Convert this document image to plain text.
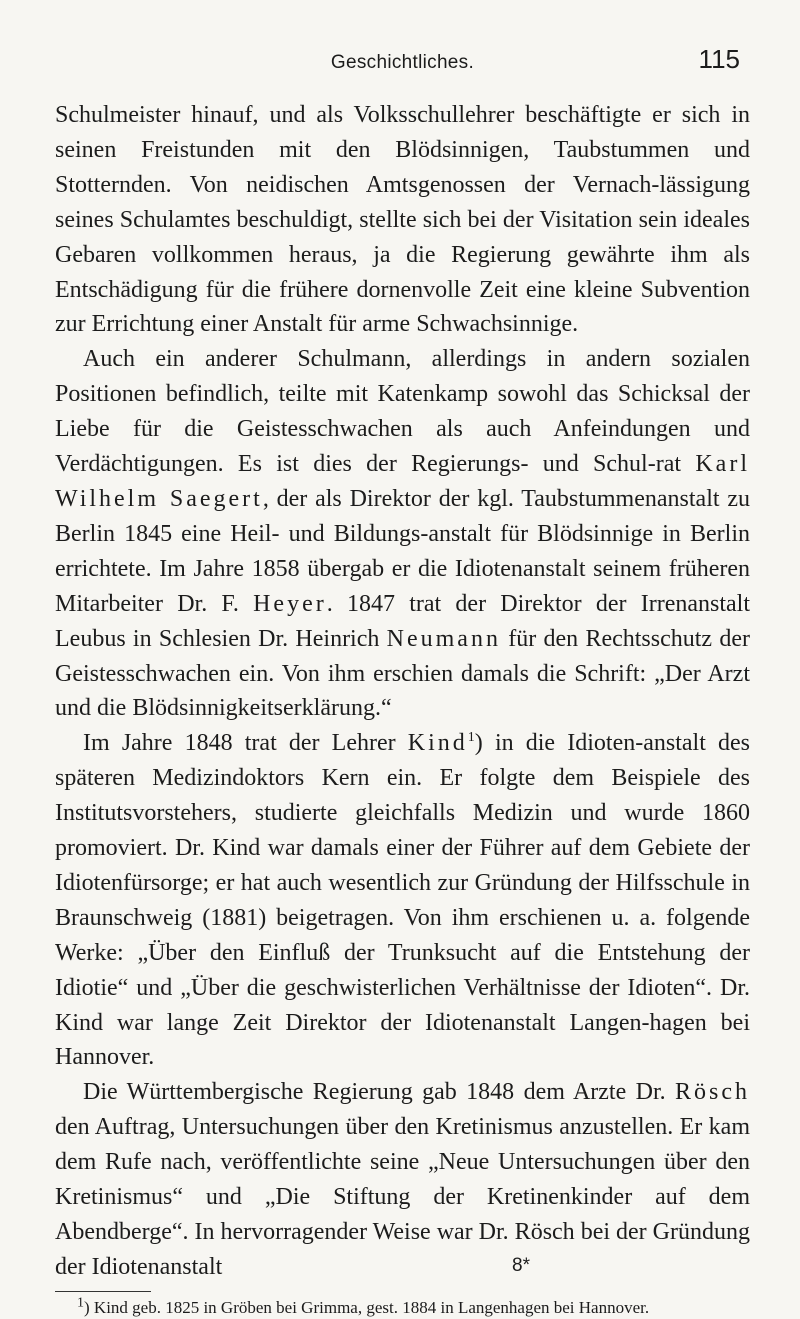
Geschichtliches.	115

Schulmeister hinauf, und als Volksschullehrer beschäftigte er sich in seinen Freistunden mit den Blödsinnigen, Taubstummen und Stotternden. Von neidischen Amtsgenossen der Vernach-lässigung seines Schulamtes beschuldigt, stellte sich bei der Visitation sein ideales Gebaren vollkommen heraus, ja die Regierung gewährte ihm als Entschädigung für die frühere dornenvolle Zeit eine kleine Subvention zur Errichtung einer Anstalt für arme Schwachsinnige.

Auch ein anderer Schulmann, allerdings in andern sozialen Positionen befindlich, teilte mit Katenkamp sowohl das Schicksal der Liebe für die Geistesschwachen als auch Anfeindungen und Verdächtigungen. Es ist dies der Regierungs- und Schul-rat Karl Wilhelm Saegert, der als Direktor der kgl. Taubstummenanstalt zu Berlin 1845 eine Heil- und Bildungs-anstalt für Blödsinnige in Berlin errichtete. Im Jahre 1858 übergab er die Idiotenanstalt seinem früheren Mitarbeiter Dr. F. Heyer. 1847 trat der Direktor der Irrenanstalt Leubus in Schlesien Dr. Heinrich Neumann für den Rechtsschutz der Geistesschwachen ein. Von ihm erschien damals die Schrift: „Der Arzt und die Blödsinnigkeitserklärung.“

Im Jahre 1848 trat der Lehrer Kind$^1$) in die Idioten-anstalt des späteren Medizindoktors Kern ein. Er folgte dem Beispiele des Institutsvorstehers, studierte gleichfalls Medizin und wurde 1860 promoviert. Dr. Kind war damals einer der Führer auf dem Gebiete der Idiotenfürsorge; er hat auch wesentlich zur Gründung der Hilfsschule in Braunschweig (1881) beigetragen. Von ihm erschienen u. a. folgende Werke: „Über den Einfluß der Trunksucht auf die Entstehung der Idiotie“ und „Über die geschwisterlichen Verhältnisse der Idioten“. Dr. Kind war lange Zeit Direktor der Idiotenanstalt Langen-hagen bei Hannover.

Die Württembergische Regierung gab 1848 dem Arzte Dr. Rösch den Auftrag, Untersuchungen über den Kretinismus anzustellen. Er kam dem Rufe nach, veröffentlichte seine „Neue Untersuchungen über den Kretinismus“ und „Die Stiftung der Kretinenkinder auf dem Abendberge“. In hervorragender Weise war Dr. Rösch bei der Gründung der Idiotenanstalt

$^1$) Kind geb. 1825 in Gröben bei Grimma, gest. 1884 in Langenhagen bei Hannover.

8*
